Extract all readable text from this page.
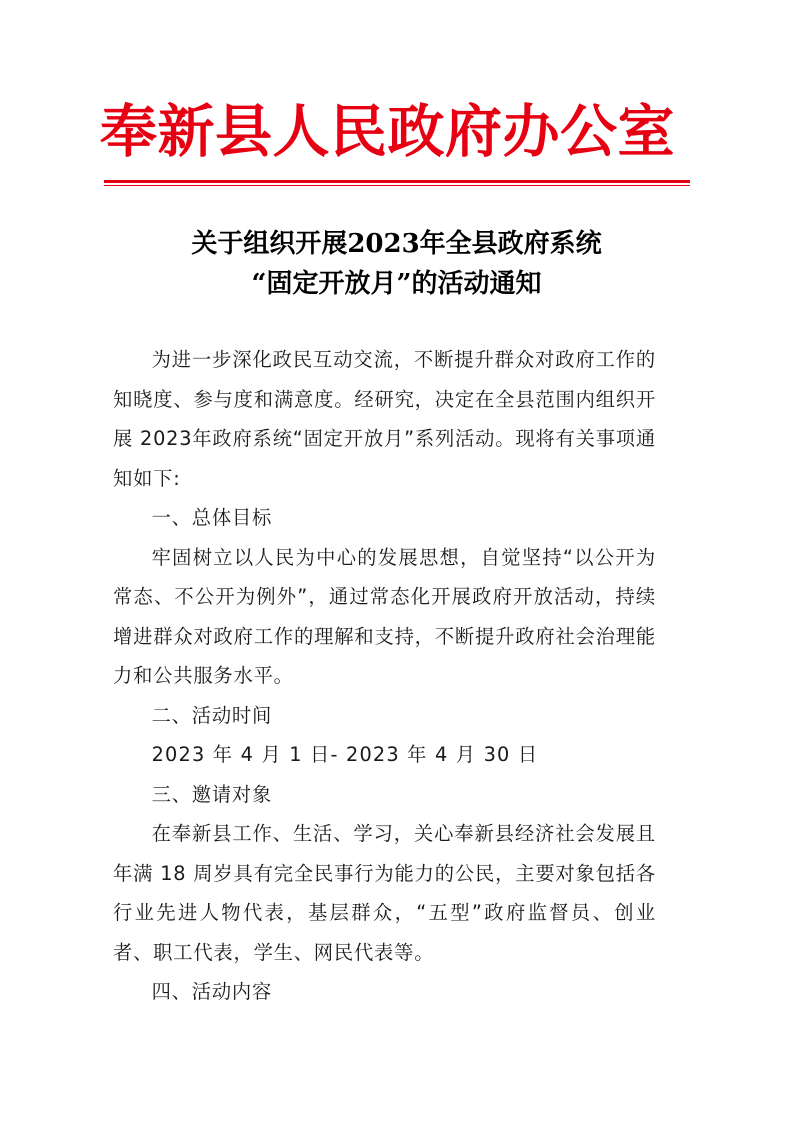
奉新县人民政府办公室
关于组织开展2023年全县政府系统
“固定开放月”的活动通知

为进一步深化政民互动交流，不断提升群众对政府工作的知晓度、参与度和满意度。经研究，决定在全县范围内组织开展 2023年政府系统“固定开放月”系列活动。现将有关事项通知如下:

一、总体目标

牢固树立以人民为中心的发展思想，自觉坚持“以公开为常态、不公开为例外”，通过常态化开展政府开放活动，持续增进群众对政府工作的理解和支持，不断提升政府社会治理能力和公共服务水平。

二、活动时间

2023 年 4 月 1 日- 2023 年 4 月 30 日

三、邀请对象

在奉新县工作、生活、学习，关心奉新县经济社会发展且年满 18 周岁具有完全民事行为能力的公民，主要对象包括各行业先进人物代表，基层群众，“五型”政府监督员、创业者、职工代表，学生、网民代表等。

四、活动内容
